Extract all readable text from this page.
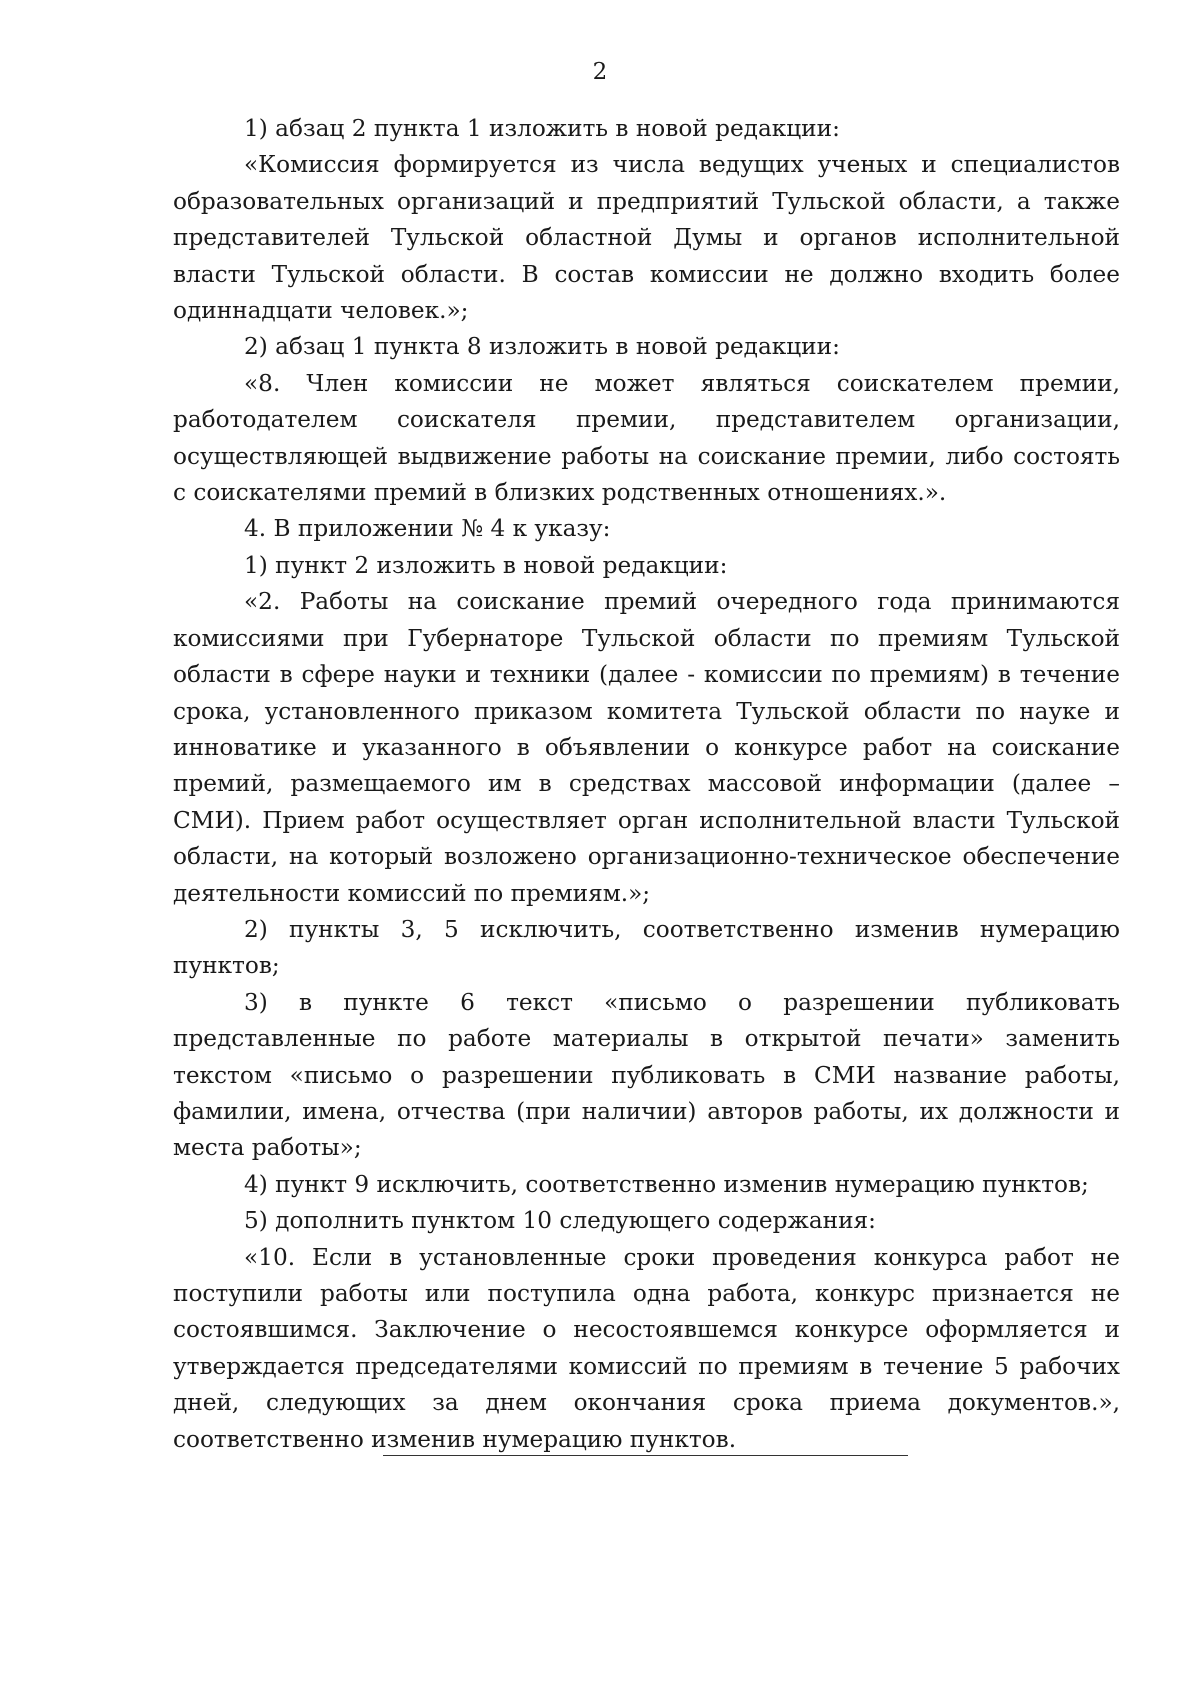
2

1) абзац 2 пункта 1 изложить в новой редакции:

«Комиссия формируется из числа ведущих ученых и специалистов образовательных организаций и предприятий Тульской области, а также представителей Тульской областной Думы и органов исполнительной власти Тульской области. В состав комиссии не должно входить более одиннадцати человек.»;

2) абзац 1 пункта 8 изложить в новой редакции:

«8. Член комиссии не может являться соискателем премии, работодателем соискателя премии, представителем организации, осуществляющей выдвижение работы на соискание премии, либо состоять с соискателями премий в близких родственных отношениях.».

4. В приложении № 4 к указу:

1) пункт 2 изложить в новой редакции:

«2. Работы на соискание премий очередного года принимаются комиссиями при Губернаторе Тульской области по премиям Тульской области в сфере науки и техники (далее - комиссии по премиям) в течение срока, установленного приказом комитета Тульской области по науке и инноватике и указанного в объявлении о конкурсе работ на соискание премий, размещаемого им в средствах массовой информации (далее – СМИ). Прием работ осуществляет орган исполнительной власти Тульской области, на который возложено организационно-техническое обеспечение деятельности комиссий по премиям.»;

2) пункты 3, 5 исключить, соответственно изменив нумерацию пунктов;

3) в пункте 6 текст «письмо о разрешении публиковать представленные по работе материалы в открытой печати» заменить текстом «письмо о разрешении публиковать в СМИ название работы, фамилии, имена, отчества (при наличии) авторов работы, их должности и места работы»;

4) пункт 9 исключить, соответственно изменив нумерацию пунктов;

5) дополнить пунктом 10 следующего содержания:

«10. Если в установленные сроки проведения конкурса работ не поступили работы или поступила одна работа, конкурс признается не состоявшимся. Заключение о несостоявшемся конкурсе оформляется и утверждается председателями комиссий по премиям в течение 5 рабочих дней, следующих за днем окончания срока приема документов.», соответственно изменив нумерацию пунктов.
